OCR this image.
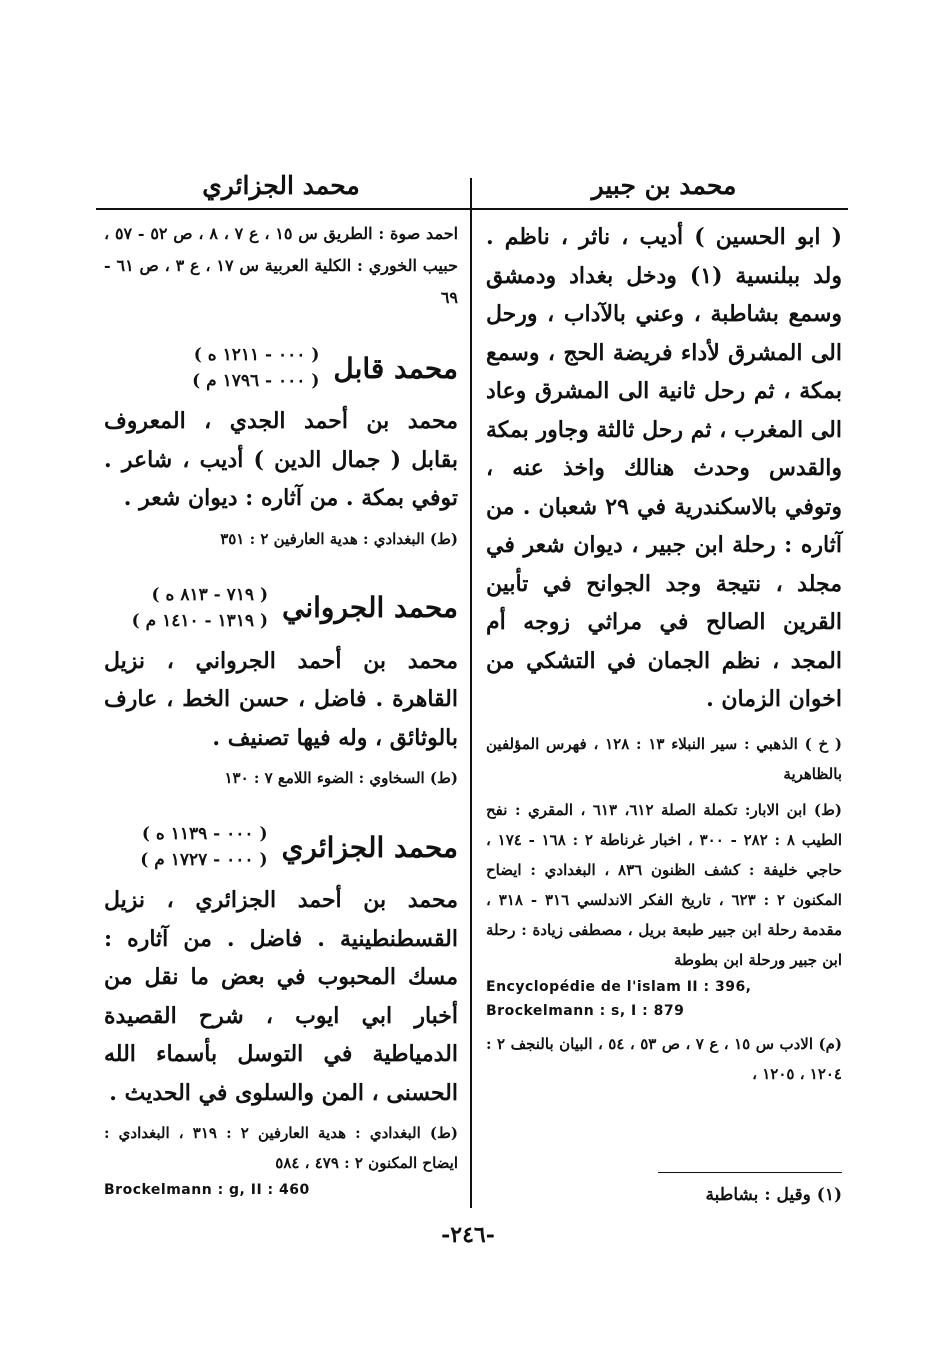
محمد بن جبير
محمد الجزائري

( ابو الحسين ) أديب ، ناثر ، ناظم . ولد ببلنسية (١) ودخل بغداد ودمشق وسمع بشاطبة ، وعني بالآداب ، ورحل الى المشرق لأداء فريضة الحج ، وسمع بمكة ، ثم رحل ثانية الى المشرق وعاد الى المغرب ، ثم رحل ثالثة وجاور بمكة والقدس وحدث هنالك واخذ عنه ، وتوفي بالاسكندرية في ٢٩ شعبان . من آثاره : رحلة ابن جبير ، ديوان شعر في مجلد ، نتيجة وجد الجوانح في تأبين القرين الصالح في مراثي زوجه أم المجد ، نظم الجمان في التشكي من اخوان الزمان .

( خ ) الذهبي : سير النبلاء ١٣ : ١٢٨ ، فهرس المؤلفين بالظاهرية

(ط) ابن الابار: تكملة الصلة ٦١٢، ٦١٣ ، المقري : نفح الطيب ٨ : ٢٨٢ - ٣٠٠ ، اخبار غرناطة ٢ : ١٦٨ - ١٧٤ ، حاجي خليفة : كشف الظنون ٨٣٦ ، البغدادي : ايضاح المكنون ٢ : ٦٢٣ ، تاريخ الفكر الاندلسي ٣١٦ - ٣١٨ ، مقدمة رحلة ابن جبير طبعة بريل ، مصطفى زيادة : رحلة ابن جبير ورحلة ابن بطوطة

Encyclopédie de l'islam II : 396, Brockelmann : s, I : 879

(م) الادب س ١٥ ، ع ٧ ، ص ٥٣ ، ٥٤ ، البيان بالنجف ٢ : ١٢٠٤ ، ١٢٠٥ ،

احمد صوة : الطريق س ١٥ ، ع ٧ ، ٨ ، ص ٥٢ - ٥٧ ، حبيب الخوري : الكلية العربية س ١٧ ، ع ٣ ، ص ٦١ - ٦٩

محمد قابل
( ٠٠٠ - ١٢١١ ه )
( ٠٠٠ - ١٧٩٦ م )

محمد بن أحمد الجدي ، المعروف بقابل ( جمال الدين ) أديب ، شاعر . توفي بمكة . من آثاره : ديوان شعر .

(ط) البغدادي : هدية العارفين ٢ : ٣٥١

محمد الجرواني
( ٧١٩ - ٨١٣ ه )
( ١٣١٩ - ١٤١٠ م )

محمد بن أحمد الجرواني ، نزيل القاهرة . فاضل ، حسن الخط ، عارف بالوثائق ، وله فيها تصنيف .

(ط) السخاوي : الضوء اللامع ٧ : ١٣٠

محمد الجزائري
( ٠٠٠ - ١١٣٩ ه )
( ٠٠٠ - ١٧٢٧ م )

محمد بن أحمد الجزائري ، نزيل القسطنطينية . فاضل . من آثاره : مسك المحبوب في بعض ما نقل من أخبار ابي ايوب ، شرح القصيدة الدمياطية في التوسل بأسماء الله الحسنى ، المن والسلوى في الحديث .

(ط) البغدادي : هدية العارفين ٢ : ٣١٩ ، البغدادي : ايضاح المكنون ٢ : ٤٧٩ ، ٥٨٤

Brockelmann : g, II : 460	(١) وقيل : بشاطبة
-٢٤٦-
